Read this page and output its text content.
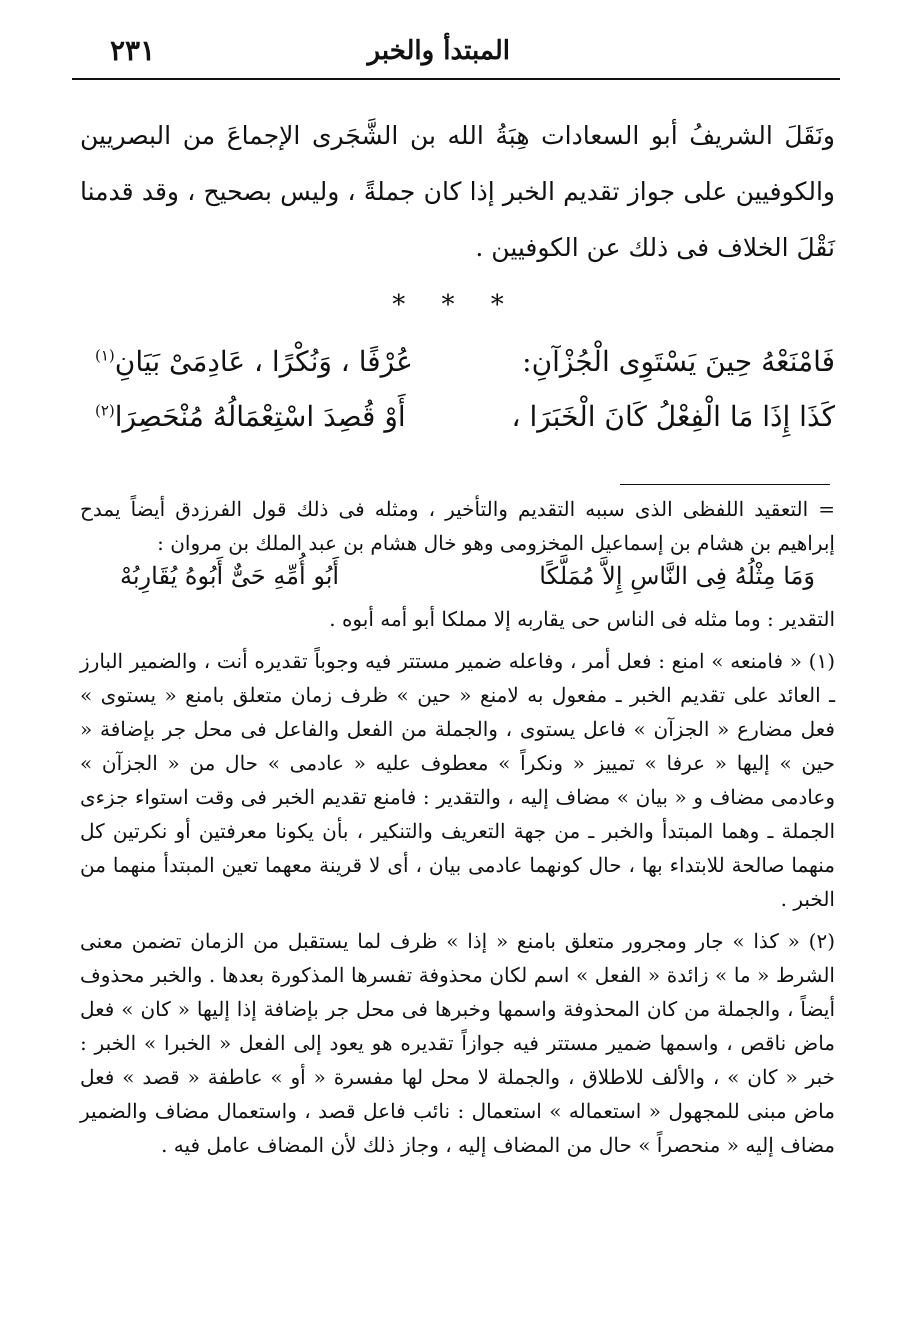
المبتدأ والخبر
٢٣١

ونَقَلَ الشريفُ أبو السعادات هِبَةُ الله بن الشَّجَرى الإجماعَ من البصريين والكوفيين على جواز تقديم الخبر إذا كان جملةً ، وليس بصحيح ، وقد قدمنا نَقْلَ الخلاف فى ذلك عن الكوفيين .

* * *
فَامْنَعْهُ حِينَ يَسْتَوِى الْجُزْآنِ:
عُرْفًا ، وَنُكْرًا ، عَادِمَىْ بَيَانِ$^{(١)}$
كَذَا إِذَا مَا الْفِعْلُ كَانَ الْخَبَرَا ،
أَوْ قُصِدَ اسْتِعْمَالُهُ مُنْحَصِرَا$^{(٢)}$

= التعقيد اللفظى الذى سببه التقديم والتأخير ، ومثله فى ذلك قول الفرزدق أيضاً يمدح إبراهيم بن هشام بن إسماعيل المخزومى وهو خال هشام بن عبد الملك بن مروان :

وَمَا مِثْلُهُ فِى النَّاسِ إِلاَّ مُمَلَّكًا
أَبُو أُمِّهِ حَىٌّ أَبُوهُ يُقَارِبُهْ

التقدير : وما مثله فى الناس حى يقاربه إلا مملكا أبو أمه أبوه .

(١) « فامنعه » امنع : فعل أمر ، وفاعله ضمير مستتر فيه وجوباً تقديره أنت ، والضمير البارز ـ العائد على تقديم الخبر ـ مفعول به لامنع « حين » ظرف زمان متعلق بامنع « يستوى » فعل مضارع « الجزآن » فاعل يستوى ، والجملة من الفعل والفاعل فى محل جر بإضافة « حين » إليها « عرفا » تمييز « ونكراً » معطوف عليه « عادمى » حال من « الجزآن » وعادمى مضاف و « بيان » مضاف إليه ، والتقدير : فامنع تقديم الخبر فى وقت استواء جزءى الجملة ـ وهما المبتدأ والخبر ـ من جهة التعريف والتنكير ، بأن يكونا معرفتين أو نكرتين كل منهما صالحة للابتداء بها ، حال كونهما عادمى بيان ، أى لا قرينة معهما تعين المبتدأ منهما من الخبر .

(٢) « كذا » جار ومجرور متعلق بامنع « إذا » ظرف لما يستقبل من الزمان تضمن معنى الشرط « ما » زائدة « الفعل » اسم لكان محذوفة تفسرها المذكورة بعدها . والخبر محذوف أيضاً ، والجملة من كان المحذوفة واسمها وخبرها فى محل جر بإضافة إذا إليها « كان » فعل ماض ناقص ، واسمها ضمير مستتر فيه جوازاً تقديره هو يعود إلى الفعل « الخبرا » الخبر : خبر « كان » ، والألف للاطلاق ، والجملة لا محل لها مفسرة « أو » عاطفة « قصد » فعل ماض مبنى للمجهول « استعماله » استعمال : نائب فاعل قصد ، واستعمال مضاف والضمير مضاف إليه « منحصراً » حال من المضاف إليه ، وجاز ذلك لأن المضاف عامل فيه .
